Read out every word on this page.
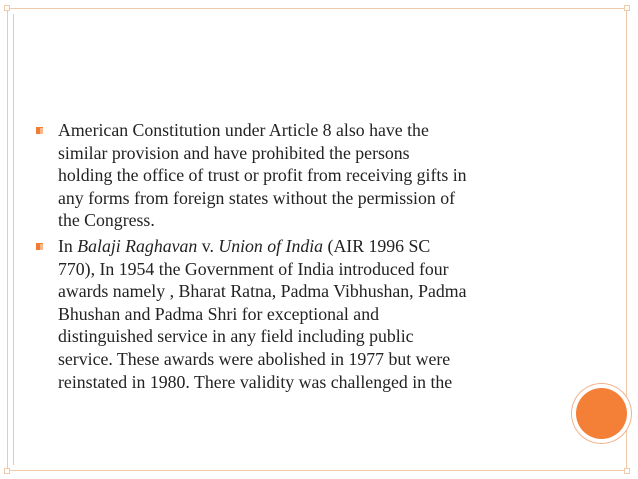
American Constitution under Article 8 also have the
similar provision and have prohibited the persons
holding the office of trust or profit from receiving gifts in
any forms from foreign states without the permission of
the Congress.
In Balaji Raghavan v. Union of India (AIR 1996 SC
770), In 1954 the Government of India introduced four
awards namely , Bharat Ratna, Padma Vibhushan, Padma
Bhushan and Padma Shri for exceptional and
distinguished service in any field including public
service. These awards were abolished in 1977 but were
reinstated in 1980. There validity was challenged in the
